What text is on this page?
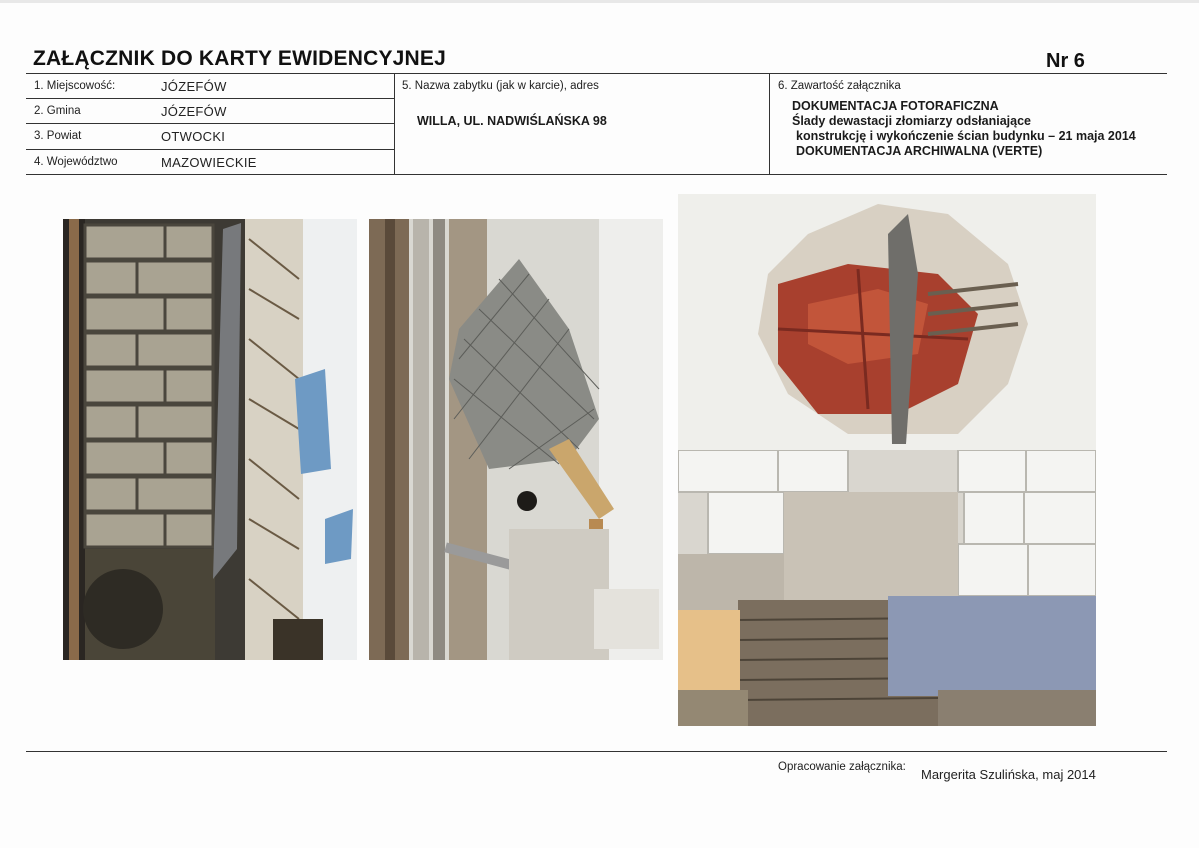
ZAŁĄCZNIK DO KARTY EWIDENCYJNEJ	Nr 6
1. Miejscowość:	JÓZEFÓW
2. Gmina	JÓZEFÓW
3. Powiat	OTWOCKI
4. Województwo	MAZOWIECKIE
5. Nazwa zabytku (jak w karcie), adres
WILLA, UL. NADWIŚLAŃSKA 98
6. Zawartość załącznika
DOKUMENTACJA FOTORAFICZNA
Ślady dewastacji złomiarzy odsłaniające
konstrukcję i wykończenie ścian budynku – 21 maja 2014
DOKUMENTACJA ARCHIWALNA (VERTE)
Opracowanie załącznika: Margerita Szulińska, maj 2014
